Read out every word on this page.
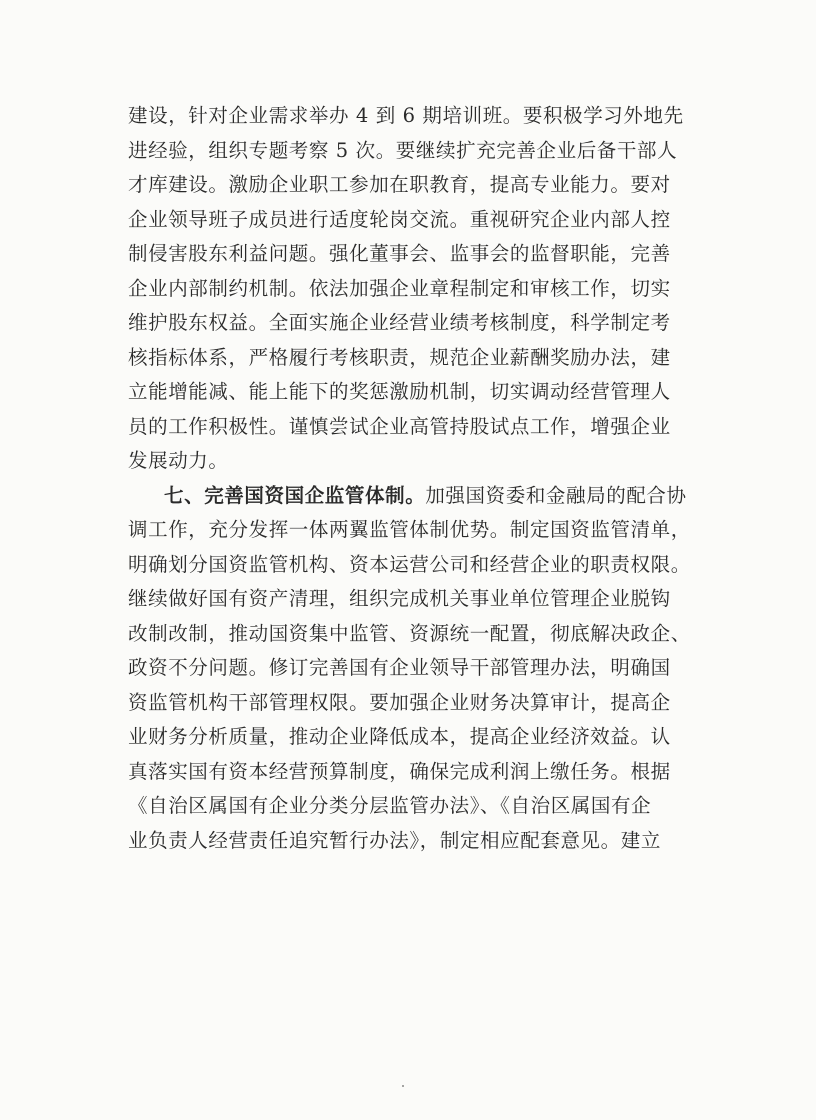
建设，针对企业需求举办 4 到 6 期培训班。要积极学习外地先
进经验，组织专题考察 5 次。要继续扩充完善企业后备干部人
才库建设。激励企业职工参加在职教育，提高专业能力。要对
企业领导班子成员进行适度轮岗交流。重视研究企业内部人控
制侵害股东利益问题。强化董事会、监事会的监督职能，完善
企业内部制约机制。依法加强企业章程制定和审核工作，切实
维护股东权益。全面实施企业经营业绩考核制度，科学制定考
核指标体系，严格履行考核职责，规范企业薪酬奖励办法，建
立能增能减、能上能下的奖惩激励机制，切实调动经营管理人
员的工作积极性。谨慎尝试企业高管持股试点工作，增强企业
发展动力。
七、完善国资国企监管体制。加强国资委和金融局的配合协
调工作，充分发挥一体两翼监管体制优势。制定国资监管清单，
明确划分国资监管机构、资本运营公司和经营企业的职责权限。
继续做好国有资产清理，组织完成机关事业单位管理企业脱钩
改制改制，推动国资集中监管、资源统一配置，彻底解决政企、
政资不分问题。修订完善国有企业领导干部管理办法，明确国
资监管机构干部管理权限。要加强企业财务决算审计，提高企
业财务分析质量，推动企业降低成本，提高企业经济效益。认
真落实国有资本经营预算制度，确保完成利润上缴任务。根据
《自治区属国有企业分类分层监管办法》、《自治区属国有企
业负责人经营责任追究暂行办法》，制定相应配套意见。建立
